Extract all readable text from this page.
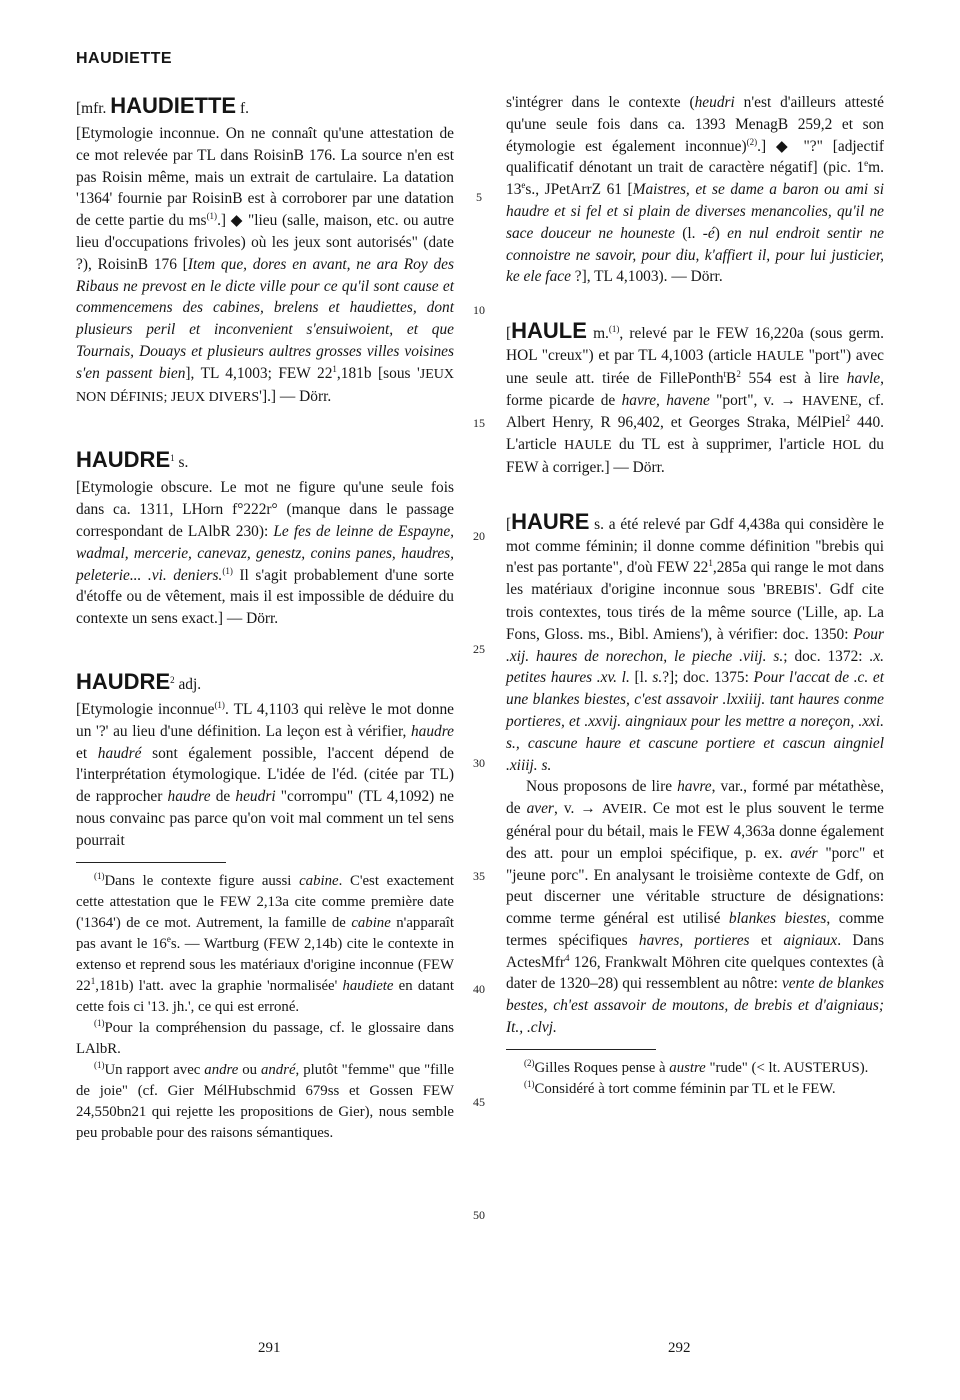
HAUDIETTE

[mfr. HAUDIETTE f.

[Etymologie inconnue. On ne connaît qu'une attestation de ce mot relevée par TL dans RoisinB 176. La source n'en est pas Roisin même, mais un extrait de cartulaire. La datation '1364' fournie par RoisinB est à corroborer par une datation de cette partie du $ms^{(1)}$.] ◆ "lieu (salle, maison, etc. ou autre lieu d'occupations frivoles) où les jeux sont autorisés" (date ?), RoisinB 176 [Item que, dores en avant, ne ara Roy des Ribaus ne prevost en le dicte ville pour ce qu'il sont cause et commencemens des cabines, brelens et haudiettes, dont plusieurs peril et inconvenient s'ensuiwoient, et que Tournais, Douays et plusieurs aultres grosses villes voisines s'en passent bien], TL 4,1003; FEW $22^1,181b$ [sous 'JEUX NON DÉFINIS; JEUX DIVERS'].] — Dörr.

HAUDRE$^1$ s.

[Etymologie obscure. Le mot ne figure qu'une seule fois dans ca. 1311, LHorn f°222r° (manque dans le passage correspondant de LAlbR 230): Le fes de leinne de Espayne, wadmal, mercerie, canevaz, genestz, conins panes, haudres, peleterie... .vi. deniers.$^{(1)}$ Il s'agit probablement d'une sorte d'étoffe ou de vêtement, mais il est impossible de déduire du contexte un sens exact.] — Dörr.

HAUDRE$^2$ adj.

[Etymologie inconnue$^{(1)}$. TL 4,1103 qui relève le mot donne un '?' au lieu d'une définition. La leçon est à vérifier, haudre et haudré sont également possible, l'accent dépend de l'interprétation étymologique. L'idée de l'éd. (citée par TL) de rapprocher haudre de heudri "corrompu" (TL 4,1092) ne nous convainc pas parce qu'on voit mal comment un tel sens pourrait

$^{(1)}$Dans le contexte figure aussi cabine. C'est exactement cette attestation que le FEW 2,13a cite comme première date ('1364') de ce mot. Autrement, la famille de cabine n'apparaît pas avant le 16es. — Wartburg (FEW 2,14b) cite le contexte in extenso et reprend sous les matériaux d'origine inconnue (FEW $22^1,181b$) l'att. avec la graphie 'normalisée' haudiete en datant cette fois ci '13. jh.', ce qui est erroné.

$^{(1)}$Pour la compréhension du passage, cf. le glossaire dans LAlbR.

$^{(1)}$Un rapport avec andre ou andré, plutôt "femme" que "fille de joie" (cf. Gier MélHubschmid 679ss et Gossen FEW 24,550bn21 qui rejette les propositions de Gier), nous semble peu probable pour des raisons sémantiques.

5
10
15
20
25
30
35
40
45
50

s'intégrer dans le contexte (heudri n'est d'ailleurs attesté qu'une seule fois dans ca. 1393 MenagB 259,2 et son étymologie est également inconnue)$^{(2)}$.] ◆ "?" [adjectif qualificatif dénotant un trait de caractère négatif] (pic. 1em. 13es., JPetArrZ 61 [Maistres, et se dame a baron ou ami si haudre et si fel et si plain de diverses menancolies, qu'il ne sace douceur ne houneste (l. -é) en nul endroit sentir ne connoistre ne savoir, pour diu, k'affiert il, pour lui justicier, ke ele face ?], TL 4,1003). — Dörr.

[HAULE m.$^{(1)}$, relevé par le FEW 16,220a (sous germ. HOL "creux") et par TL 4,1003 (article HAULE "port") avec une seule att. tirée de $FillePonth^tB^2$ 554 est à lire havle, forme picarde de havre, havene "port", v. → HAVENE, cf. Albert Henry, R 96,402, et Georges Straka, MélPiel$^2$ 440. L'article HAULE du TL est à supprimer, l'article HOL du FEW à corriger.] — Dörr.

[HAURE s. a été relevé par Gdf 4,438a qui considère le mot comme féminin; il donne comme définition "brebis qui n'est pas portante", d'où FEW $22^1,285a$ qui range le mot dans les matériaux d'origine inconnue sous 'BREBIS'. Gdf cite trois contextes, tous tirés de la même source ('Lille, ap. La Fons, Gloss. ms., Bibl. Amiens'), à vérifier: doc. 1350: Pour .xij. haures de norechon, le pieche .viij. s.; doc. 1372: .x. petites haures .xv. l. [l. s.?]; doc. 1375: Pour l'accat de .c. et une blankes biestes, c'est assavoir .lxxiiij. tant haures conme portieres, et .xxvij. aingniaux pour les mettre a noreçon, .xxi. s., cascune haure et cascune portiere et cascun aingniel .xiiij. s.

Nous proposons de lire havre, var., formé par métathèse, de aver, v. → AVEIR. Ce mot est le plus souvent le terme général pour du bétail, mais le FEW 4,363a donne également des att. pour un emploi spécifique, p. ex. avér "porc" et "jeune porc". En analysant le troisième contexte de Gdf, on peut discerner une véritable structure de désignations: comme terme général est utilisé blankes biestes, comme termes spécifiques havres, portieres et aigniaux. Dans ActesMfr$^4$ 126, Frankwalt Möhren cite quelques contextes (à dater de 1320–28) qui ressemblent au nôtre: vente de blankes bestes, ch'est assavoir de moutons, de brebis et d'aigniaus; It., .clvj.

$^{(2)}$Gilles Roques pense à austre "rude" (< lt. AUSTERUS).

$^{(1)}$Considéré à tort comme féminin par TL et le FEW.

291	292
